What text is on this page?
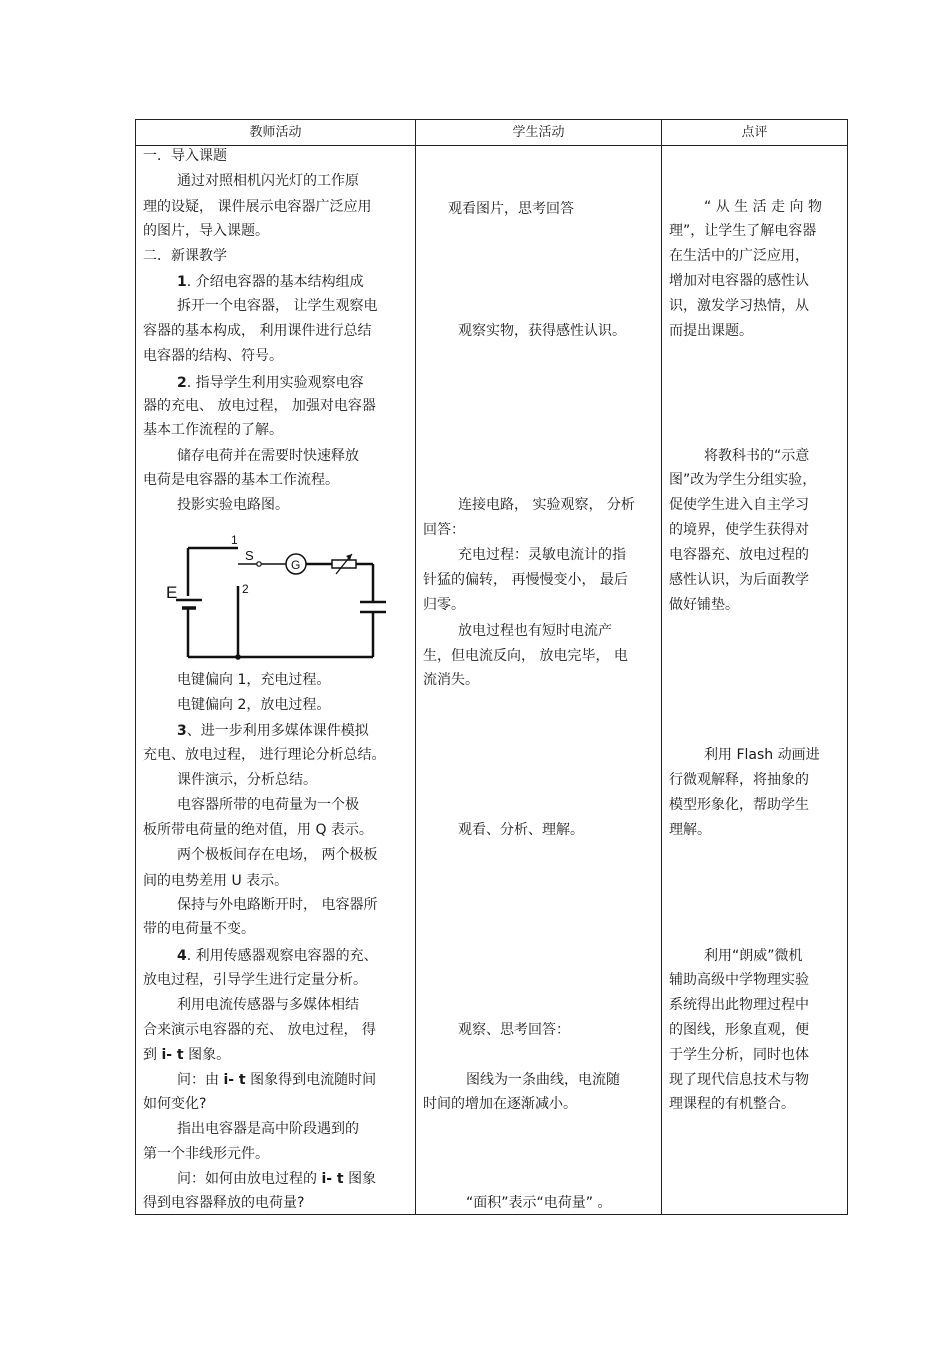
教师活动	学生活动	点评
一．导入课题
通过对照相机闪光灯的工作原
理的设疑， 课件展示电容器广泛应用
的图片，导入课题。
二．新课教学
1. 介绍电容器的基本结构组成
拆开一个电容器， 让学生观察电
容器的基本构成， 利用课件进行总结
电容器的结构、符号。
2. 指导学生利用实验观察电容
器的充电、 放电过程， 加强对电容器
基本工作流程的了解。
储存电荷并在需要时快速释放
电荷是电容器的基本工作流程。
投影实验电路图。
E
S
G
1
2
电键偏向 1，充电过程。
电键偏向 2，放电过程。
3、进一步利用多媒体课件模拟
充电、放电过程， 进行理论分析总结。
课件演示，分析总结。
电容器所带的电荷量为一个极
板所带电荷量的绝对值，用 Q 表示。
两个极板间存在电场， 两个极板
间的电势差用 U 表示。
保持与外电路断开时， 电容器所
带的电荷量不变。
4. 利用传感器观察电容器的充、
放电过程，引导学生进行定量分析。
利用电流传感器与多媒体相结
合来演示电容器的充、 放电过程， 得
到 i- t 图象。
问：由 i- t 图象得到电流随时间
如何变化?
指出电容器是高中阶段遇到的
第一个非线形元件。
问：如何由放电过程的 i- t 图象
得到电容器释放的电荷量?
观看图片，思考回答
观察实物，获得感性认识。
连接电路， 实验观察， 分析
回答：
充电过程：灵敏电流计的指
针猛的偏转， 再慢慢变小， 最后
归零。
放电过程也有短时电流产
生，但电流反向， 放电完毕， 电
流消失。
观看、分析、理解。
观察、思考回答：
图线为一条曲线，电流随
时间的增加在逐渐减小。
“面积”表示“电荷量” 。
“ 从 生 活 走 向 物
理”，让学生了解电容器
在生活中的广泛应用，
增加对电容器的感性认
识，激发学习热情，从
而提出课题。
将教科书的“示意
图”改为学生分组实验，
促使学生进入自主学习
的境界，使学生获得对
电容器充、放电过程的
感性认识，为后面教学
做好铺垫。
利用 Flash 动画进
行微观解释，将抽象的
模型形象化，帮助学生
理解。
利用“朗威”微机
辅助高级中学物理实验
系统得出此物理过程中
的图线，形象直观，便
于学生分析，同时也体
现了现代信息技术与物
理课程的有机整合。
